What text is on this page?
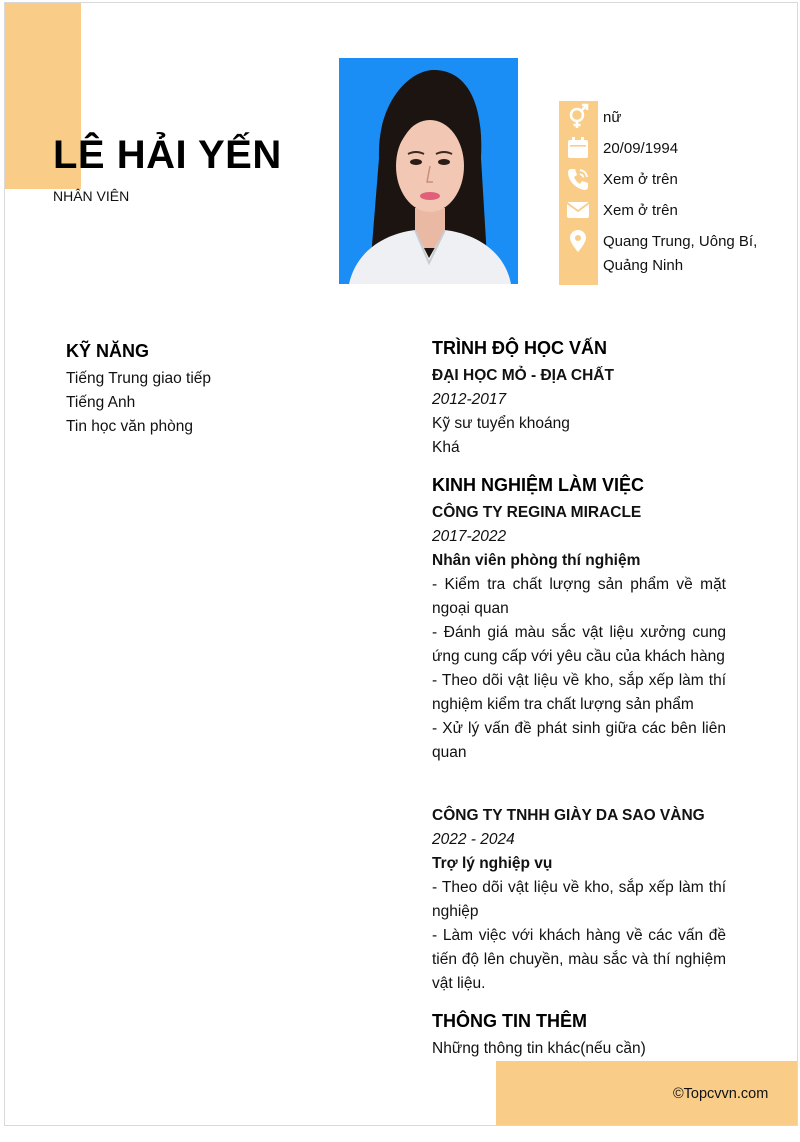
LÊ HẢI YẾN
NHÂN VIÊN
nữ
20/09/1994
Xem ở trên
Xem ở trên
Quang Trung, Uông Bí,
Quảng Ninh
KỸ NĂNG
Tiếng Trung giao tiếp
Tiếng Anh
Tin học văn phòng
TRÌNH ĐỘ HỌC VẤN
ĐẠI HỌC MỎ - ĐỊA CHẤT
2012-2017
Kỹ sư tuyển khoáng
Khá
KINH NGHIỆM LÀM VIỆC
CÔNG TY REGINA MIRACLE
2017-2022
Nhân viên phòng thí nghiệm
- Kiểm tra chất lượng sản phẩm về mặt ngoại quan
- Đánh giá màu sắc vật liệu xưởng cung ứng cung cấp với yêu cầu của khách hàng
- Theo dõi vật liệu về kho, sắp xếp làm thí nghiệm kiểm tra chất lượng sản phẩm
- Xử lý vấn đề phát sinh giữa các bên liên quan
CÔNG TY TNHH GIÀY DA SAO VÀNG
2022 - 2024
Trợ lý nghiệp vụ
- Theo dõi vật liệu về kho, sắp xếp làm thí nghiệp
- Làm việc với khách hàng về các vấn đề tiến độ lên chuyền, màu sắc và thí nghiệm vật liệu.
THÔNG TIN THÊM
Những thông tin khác(nếu cần)
©Topcvvn.com
